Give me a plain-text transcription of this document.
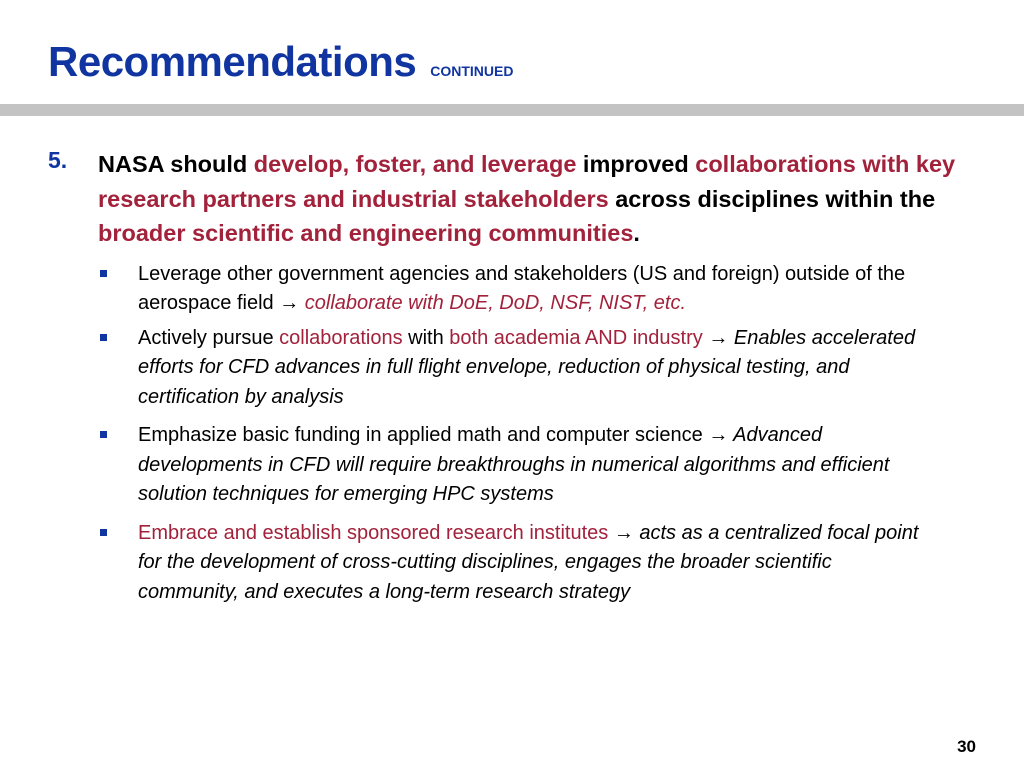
Recommendations CONTINUED
5. NASA should develop, foster, and leverage improved collaborations with key research partners and industrial stakeholders across disciplines within the broader scientific and engineering communities.
Leverage other government agencies and stakeholders (US and foreign) outside of the aerospace field → collaborate with DoE, DoD, NSF, NIST, etc.
Actively pursue collaborations with both academia AND industry → Enables accelerated efforts for CFD advances in full flight envelope, reduction of physical testing, and certification by analysis
Emphasize basic funding in applied math and computer science → Advanced developments in CFD will require breakthroughs in numerical algorithms and efficient solution techniques for emerging HPC systems
Embrace and establish sponsored research institutes → acts as a centralized focal point for the development of cross-cutting disciplines, engages the broader scientific community, and executes a long-term research strategy
30
